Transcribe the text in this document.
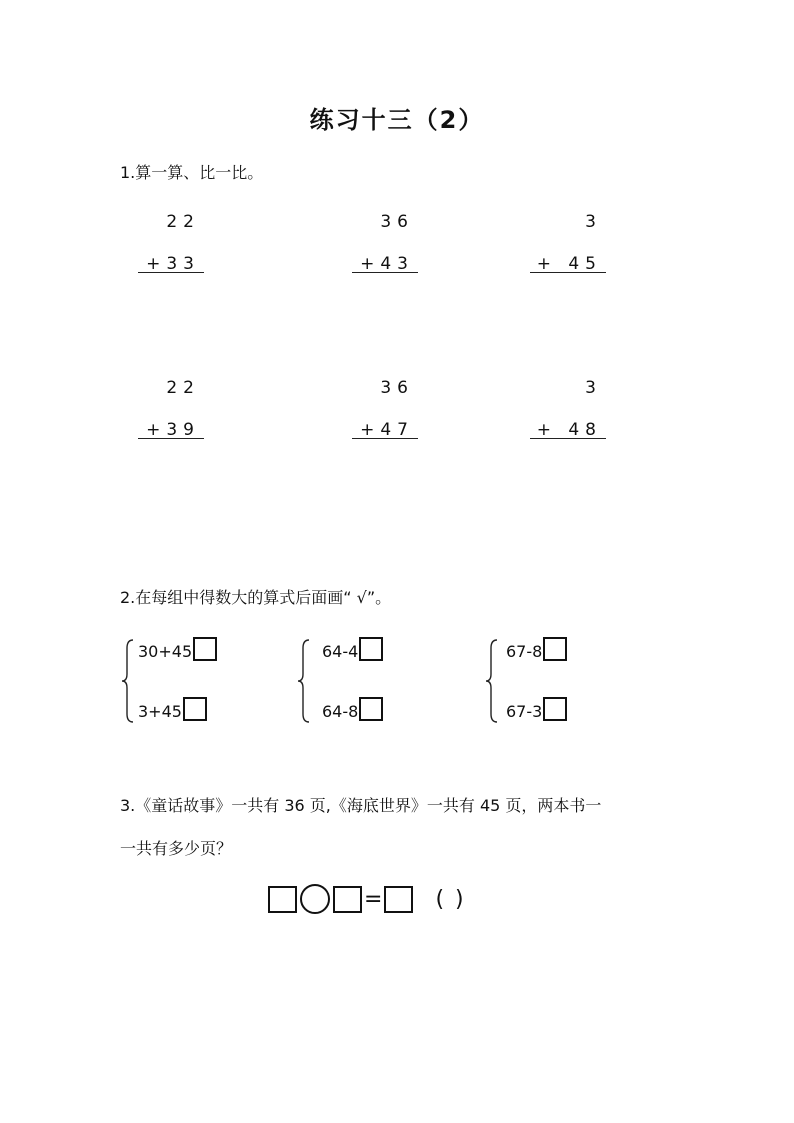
练习十三（2）
1.算一算、比一比。
22
+33
36
+43
3
+ 45
22
+39
36
+47
3
+ 48
2.在每组中得数大的算式后面画“ √”。
30+45
3+45
64-4
64-8
67-8
67-3
3.《童话故事》一共有 36 页,《海底世界》一共有 45 页，两本书一
一共有多少页？
= ( )
